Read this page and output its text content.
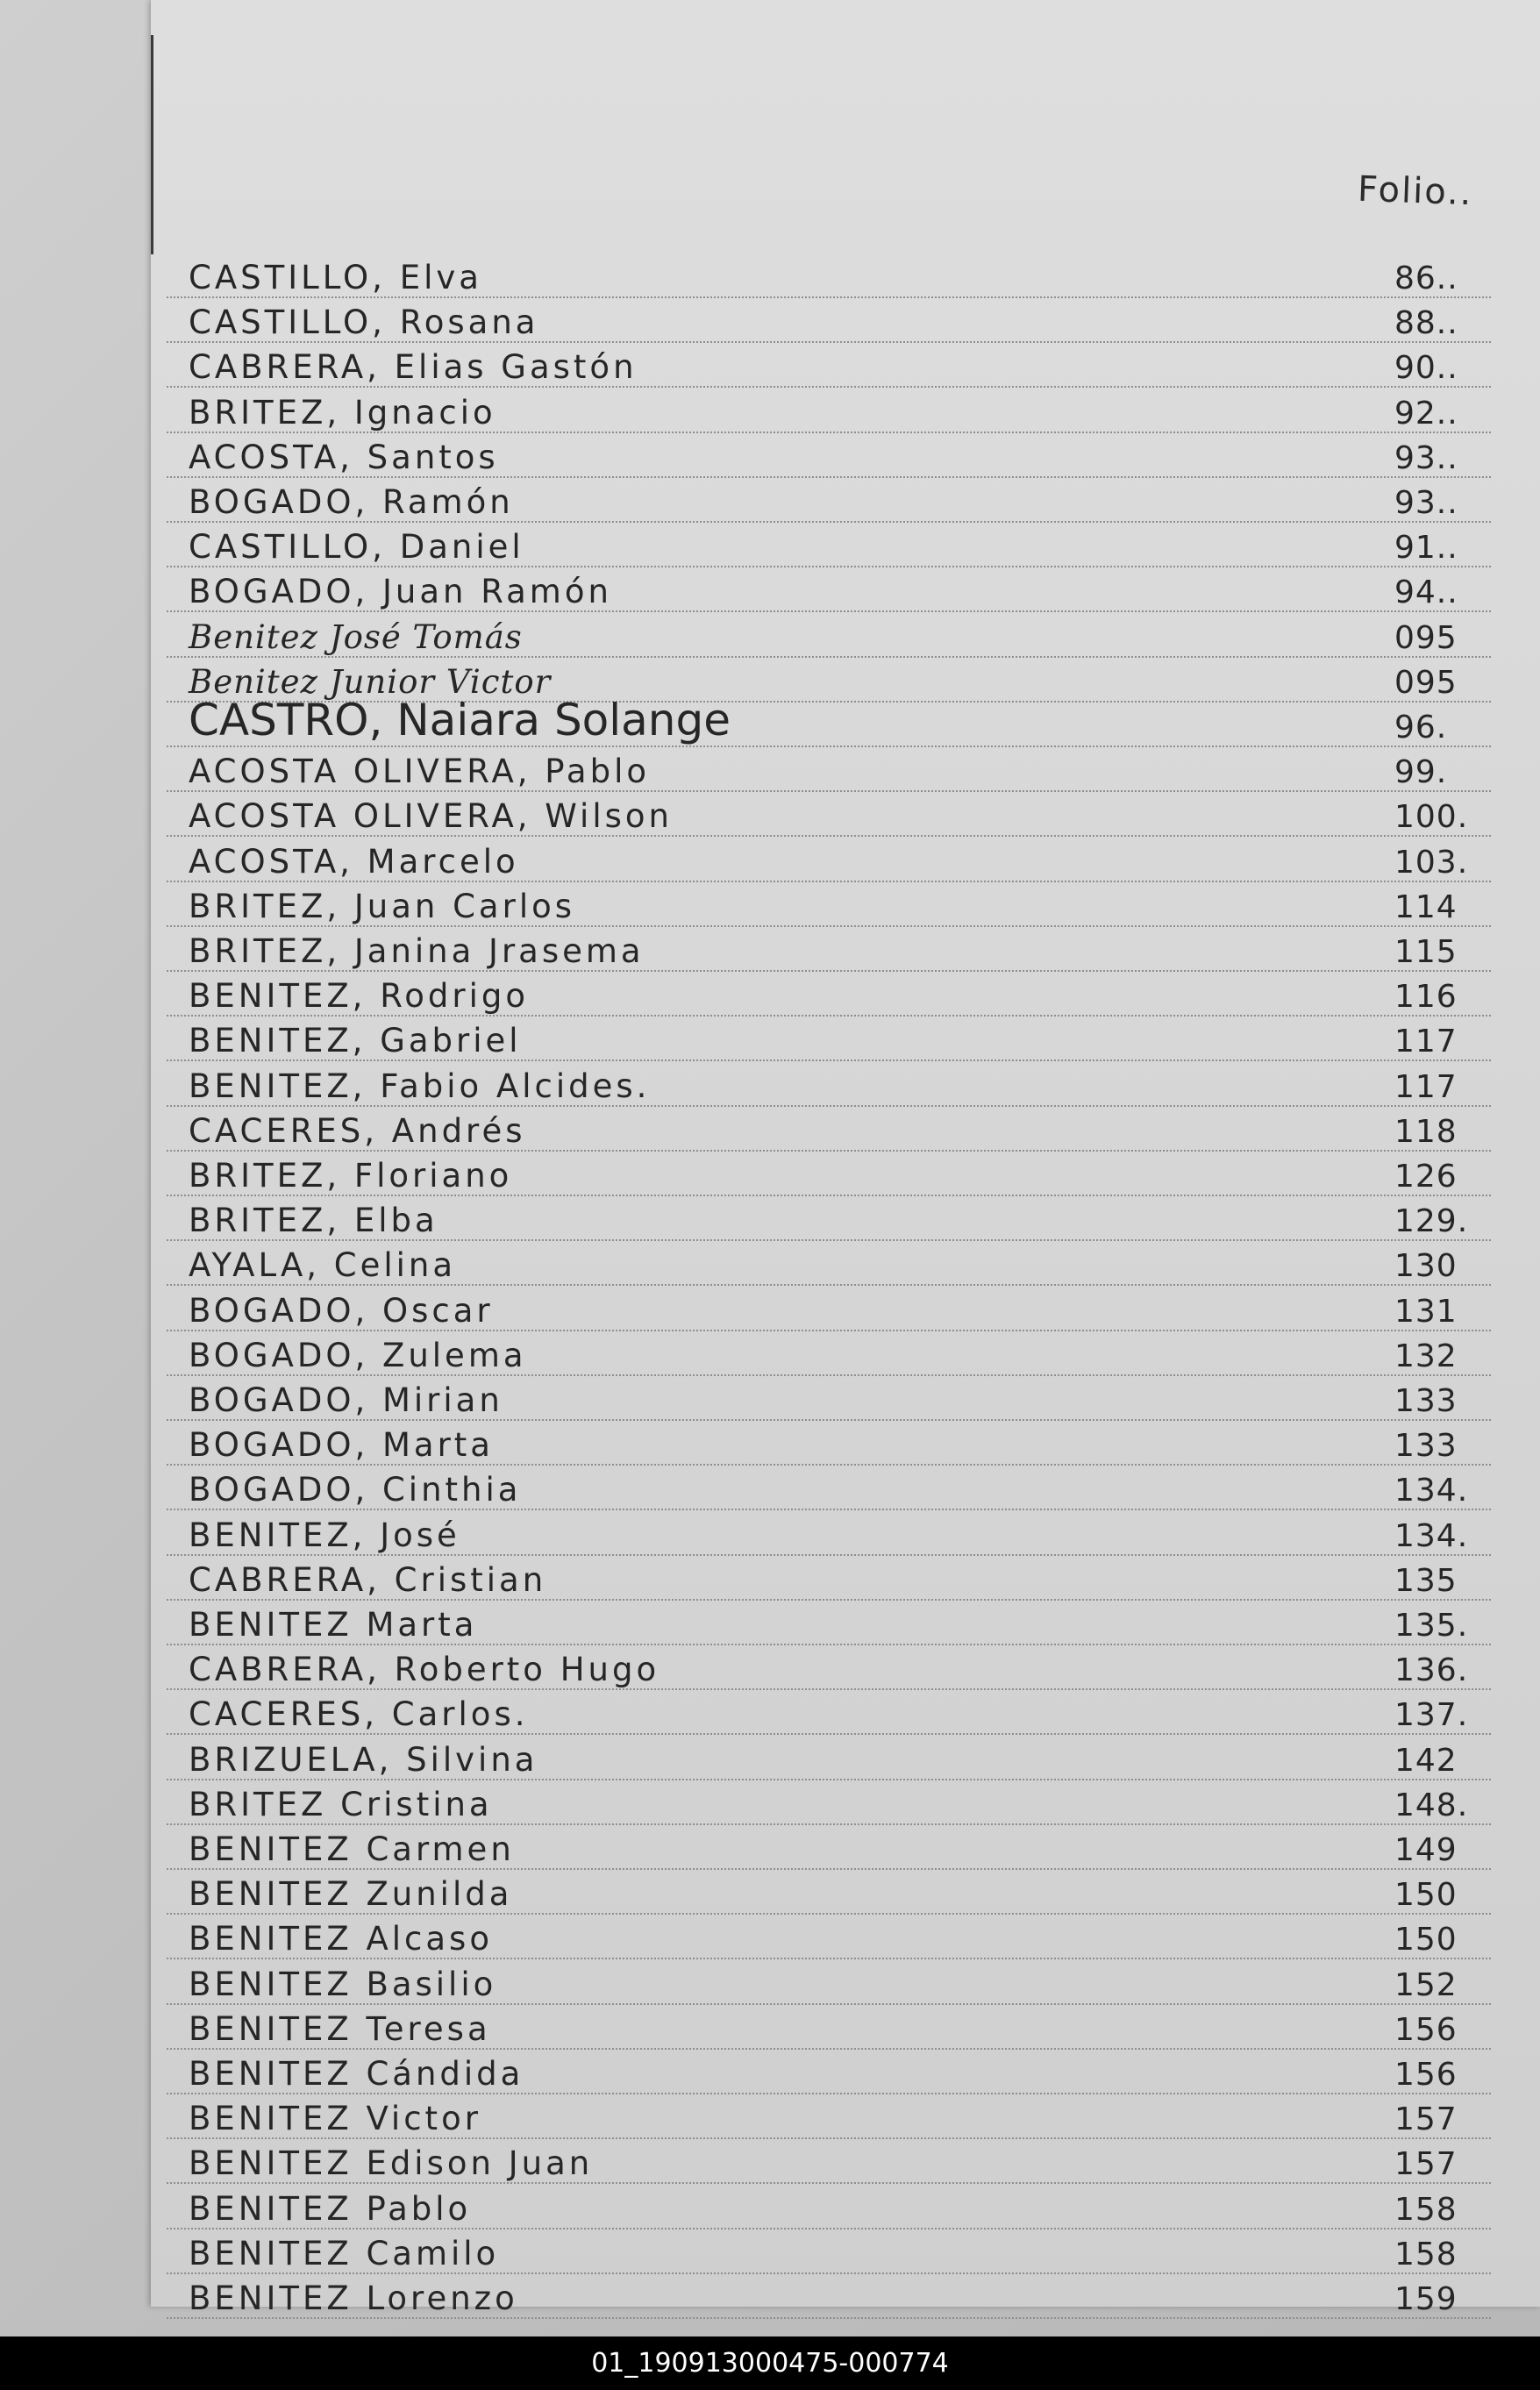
Folio..
CASTILLO, Elva	86..
CASTILLO, Rosana	88..
CABRERA, Elias Gastón	90..
BRITEZ, Ignacio	92..
ACOSTA, Santos	93..
BOGADO, Ramón	93..
CASTILLO, Daniel	91..
BOGADO, Juan Ramón	94..
Benitez José Tomás	095
Benitez Junior Victor	095
CASTRO, Naiara Solange	96.
ACOSTA OLIVERA, Pablo	99.
ACOSTA OLIVERA, Wilson	100.
ACOSTA, Marcelo	103.
BRITEZ, Juan Carlos	114
BRITEZ, Janina Jrasema	115
BENITEZ, Rodrigo	116
BENITEZ, Gabriel	117
BENITEZ, Fabio Alcides.	117
CACERES, Andrés	118
BRITEZ, Floriano	126
BRITEZ, Elba	129.
AYALA, Celina	130
BOGADO, Oscar	131
BOGADO, Zulema	132
BOGADO, Mirian	133
BOGADO, Marta	133
BOGADO, Cinthia	134.
BENITEZ, José	134.
CABRERA, Cristian	135
BENITEZ Marta	135.
CABRERA, Roberto Hugo	136.
CACERES, Carlos.	137.
BRIZUELA, Silvina	142
BRITEZ Cristina	148.
BENITEZ Carmen	149
BENITEZ Zunilda	150
BENITEZ Alcaso	150
BENITEZ Basilio	152
BENITEZ Teresa	156
BENITEZ Cándida	156
BENITEZ Victor	157
BENITEZ Edison Juan	157
BENITEZ Pablo	158
BENITEZ Camilo	158
BENITEZ Lorenzo	159
01_190913000475-000774
